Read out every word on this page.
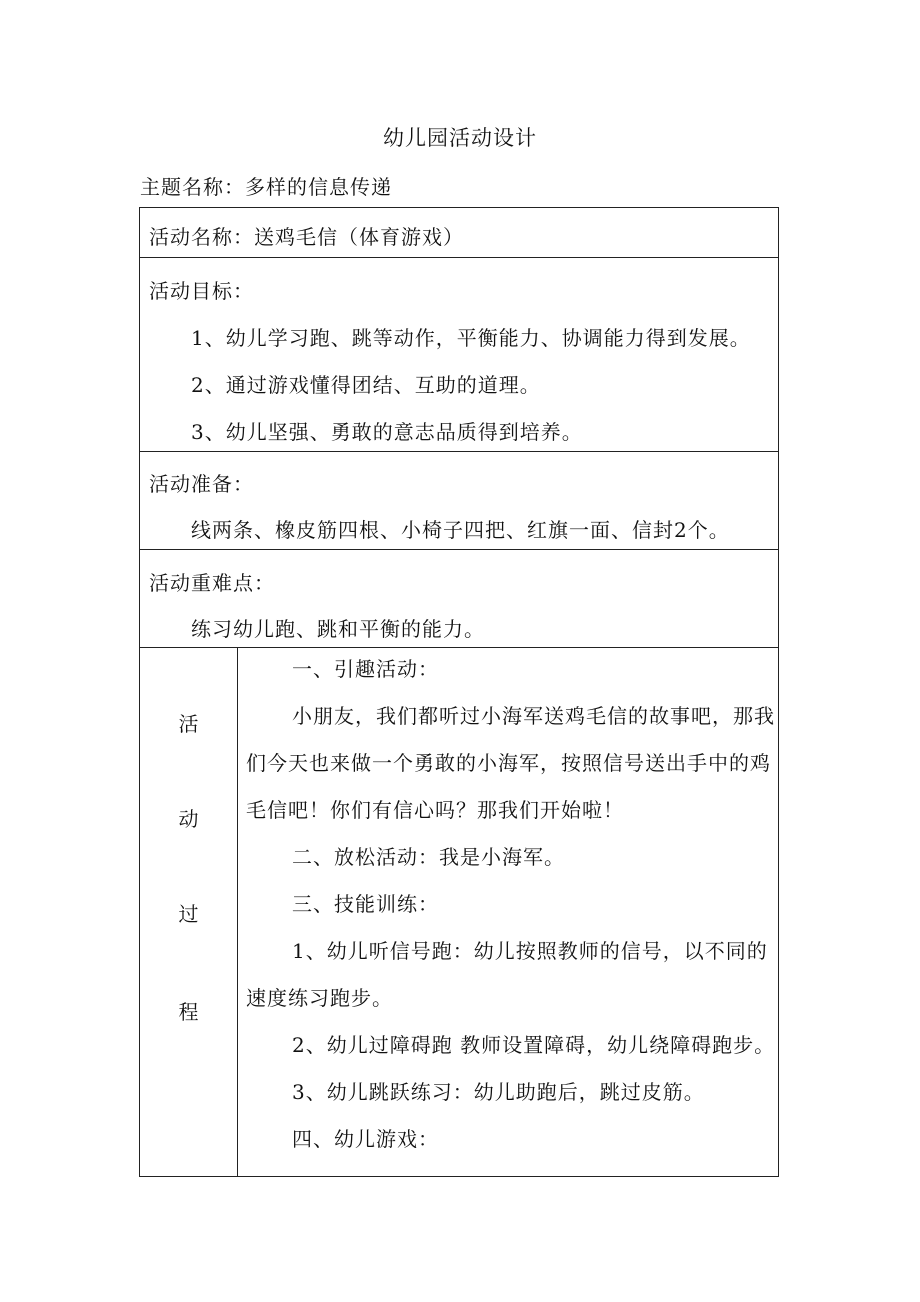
幼儿园活动设计
主题名称：多样的信息传递
活动名称：送鸡毛信（体育游戏）
活动目标：
1、幼儿学习跑、跳等动作，平衡能力、协调能力得到发展。
2、通过游戏懂得团结、互助的道理。
3、幼儿坚强、勇敢的意志品质得到培养。
活动准备：
线两条、橡皮筋四根、小椅子四把、红旗一面、信封2个。
活动重难点：
练习幼儿跑、跳和平衡的能力。
活
动
过
程

一、引趣活动：

小朋友，我们都听过小海军送鸡毛信的故事吧，那我们今天也来做一个勇敢的小海军，按照信号送出手中的鸡毛信吧！你们有信心吗？那我们开始啦！

二、放松活动：我是小海军。

三、技能训练：

1、幼儿听信号跑：幼儿按照教师的信号，以不同的速度练习跑步。

2、幼儿过障碍跑 教师设置障碍，幼儿绕障碍跑步。

3、幼儿跳跃练习：幼儿助跑后，跳过皮筋。

四、幼儿游戏：
